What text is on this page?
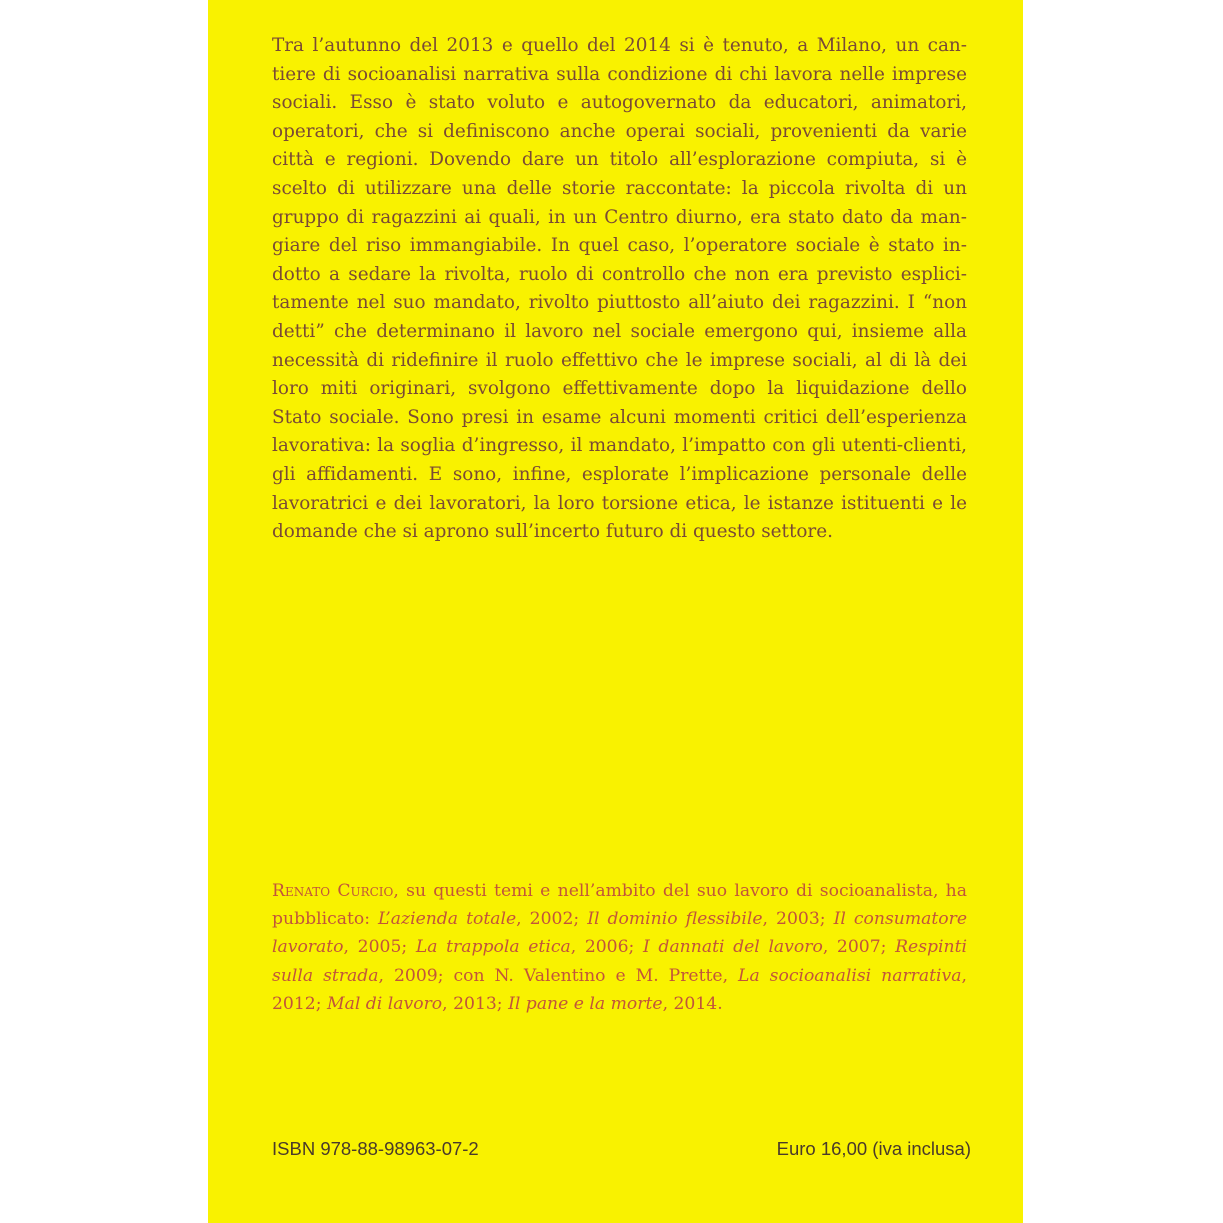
Tra l’autunno del 2013 e quello del 2014 si è tenuto, a Milano, un cantiere di socioanalisi narrativa sulla condizione di chi lavora nelle imprese sociali. Esso è stato voluto e autogovernato da educatori, animatori, operatori, che si definiscono anche operai sociali, provenienti da varie città e regioni. Dovendo dare un titolo all’esplorazione compiuta, si è scelto di utilizzare una delle storie raccontate: la piccola rivolta di un gruppo di ragazzini ai quali, in un Centro diurno, era stato dato da mangiare del riso immangiabile. In quel caso, l’operatore sociale è stato indotto a sedare la rivolta, ruolo di controllo che non era previsto esplicitamente nel suo mandato, rivolto piuttosto all’aiuto dei ragazzini. I “non detti” che determinano il lavoro nel sociale emergono qui, insieme alla necessità di ridefinire il ruolo effettivo che le imprese sociali, al di là dei loro miti originari, svolgono effettivamente dopo la liquidazione dello Stato sociale. Sono presi in esame alcuni momenti critici dell’esperienza lavorativa: la soglia d’ingresso, il mandato, l’impatto con gli utenti-clienti, gli affidamenti. E sono, infine, esplorate l’implicazione personale delle lavoratrici e dei lavoratori, la loro torsione etica, le istanze istituenti e le domande che si aprono sull’incerto futuro di questo settore.

Renato Curcio, su questi temi e nell’ambito del suo lavoro di socioanalista, ha pubblicato: L’azienda totale, 2002; Il dominio flessibile, 2003; Il consumatore lavorato, 2005; La trappola etica, 2006; I dannati del lavoro, 2007; Respinti sulla strada, 2009; con N. Valentino e M. Prette, La socioanalisi narrativa, 2012; Mal di lavoro, 2013; Il pane e la morte, 2014.

ISBN 978-88-98963-07-2	Euro 16,00 (iva inclusa)
